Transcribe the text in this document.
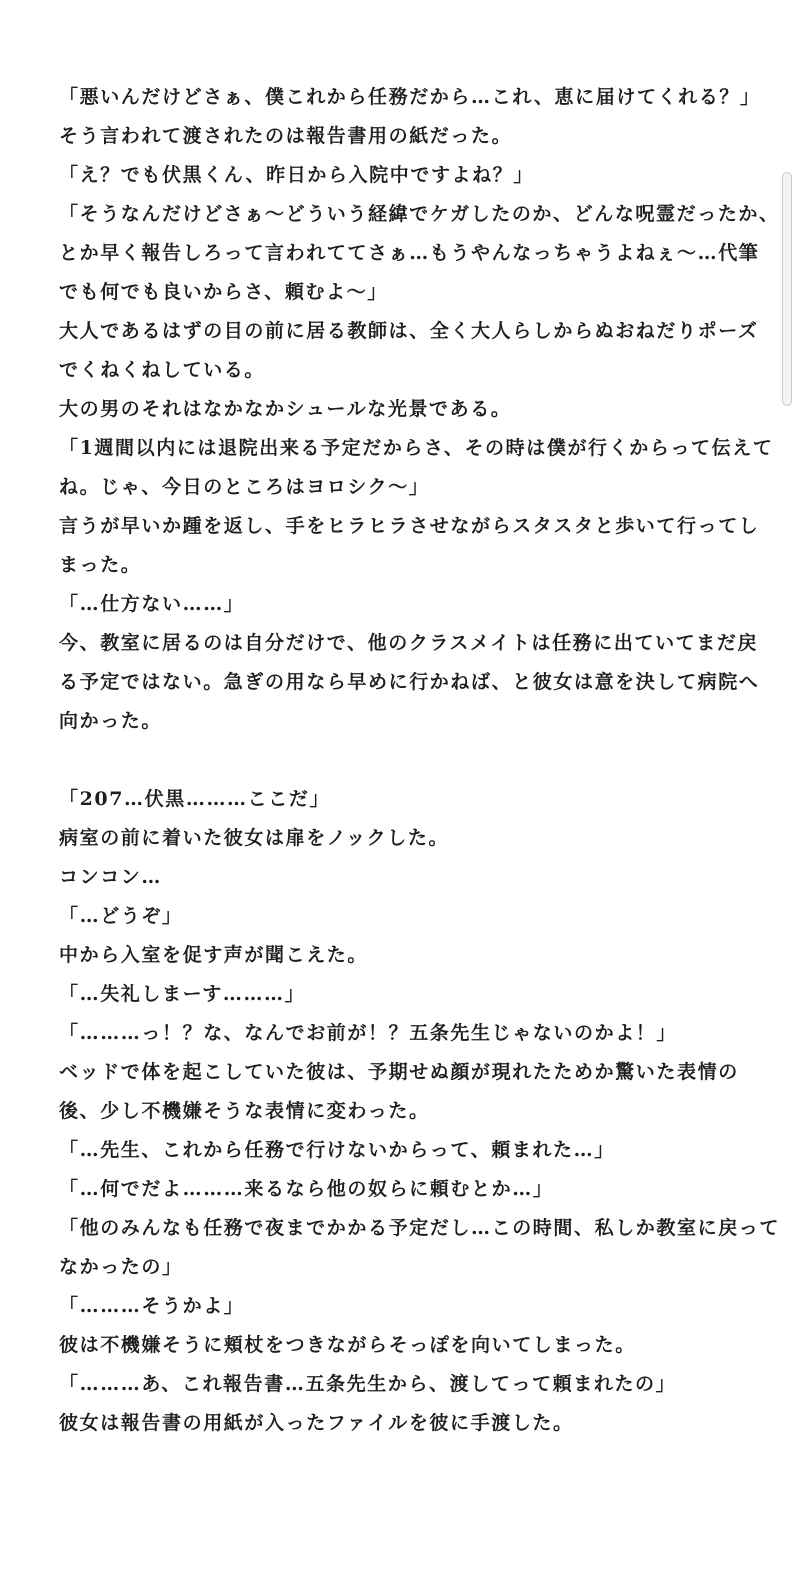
「悪いんだけどさぁ、僕これから任務だから…これ、恵に届けてくれる？」
そう言われて渡されたのは報告書用の紙だった。
「え？でも伏黒くん、昨日から入院中ですよね？」
「そうなんだけどさぁ〜どういう経緯でケガしたのか、どんな呪霊だったか、
とか早く報告しろって言われててさぁ…もうやんなっちゃうよねぇ〜…代筆
でも何でも良いからさ、頼むよ〜」
大人であるはずの目の前に居る教師は、全く大人らしからぬおねだりポーズ
でくねくねしている。
大の男のそれはなかなかシュールな光景である。
「1週間以内には退院出来る予定だからさ、その時は僕が行くからって伝えて
ね。じゃ、今日のところはヨロシク〜」
言うが早いか踵を返し、手をヒラヒラさせながらスタスタと歩いて行ってし
まった。
「…仕方ない……」
今、教室に居るのは自分だけで、他のクラスメイトは任務に出ていてまだ戻
る予定ではない。急ぎの用なら早めに行かねば、と彼女は意を決して病院へ
向かった。
「207…伏黒………ここだ」
病室の前に着いた彼女は扉をノックした。
コンコン…
「…どうぞ」
中から入室を促す声が聞こえた。
「…失礼しまーす………」
「………っ！？な、なんでお前が！？五条先生じゃないのかよ！」
ベッドで体を起こしていた彼は、予期せぬ顔が現れたためか驚いた表情の
後、少し不機嫌そうな表情に変わった。
「…先生、これから任務で行けないからって、頼まれた…」
「…何でだよ………来るなら他の奴らに頼むとか…」
「他のみんなも任務で夜までかかる予定だし…この時間、私しか教室に戻って
なかったの」
「………そうかよ」
彼は不機嫌そうに頬杖をつきながらそっぽを向いてしまった。
「………あ、これ報告書…五条先生から、渡してって頼まれたの」
彼女は報告書の用紙が入ったファイルを彼に手渡した。
